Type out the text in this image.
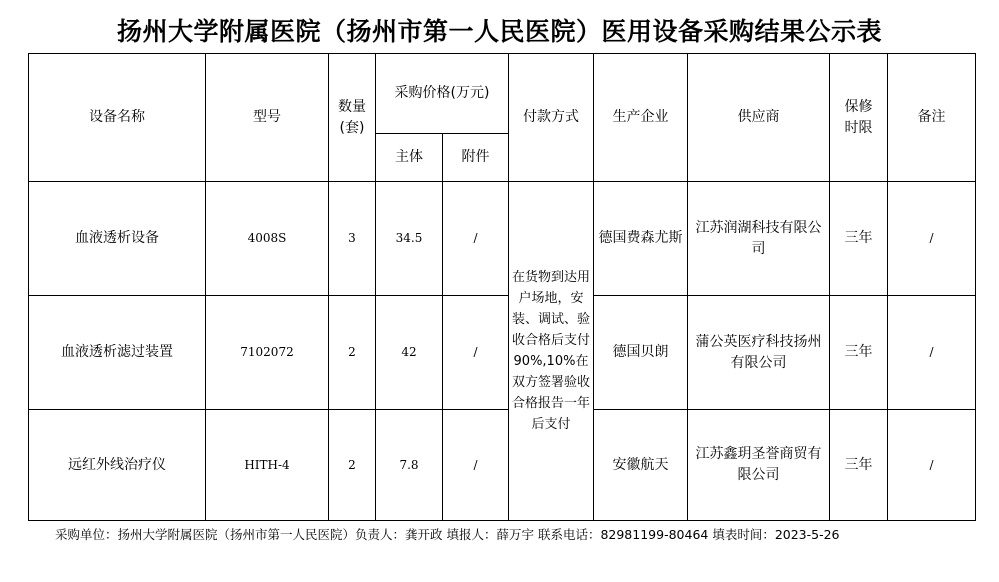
扬州大学附属医院（扬州市第一人民医院）医用设备采购结果公示表
设备名称	型号	数量(套)	采购价格(万元)		付款方式	生产企业	供应商	保修时限	备注
			主体	附件					
血液透析设备	4008S	3	34.5	/	在货物到达用户场地，安装、调试、验收合格后支付90%,10%在双方签署验收合格报告一年后支付	德国费森尤斯	江苏润湖科技有限公司	三年	/
血液透析滤过装置	7102072	2	42	/		德国贝朗	蒲公英医疗科技扬州有限公司	三年	/
远红外线治疗仪	HITH-4	2	7.8	/		安徽航天	江苏鑫玥圣誉商贸有限公司	三年	/
采购单位：扬州大学附属医院（扬州市第一人民医院）负责人：龚开政 填报人：薛万宇 联系电话：82981199-80464 填表时间：2023-5-26
